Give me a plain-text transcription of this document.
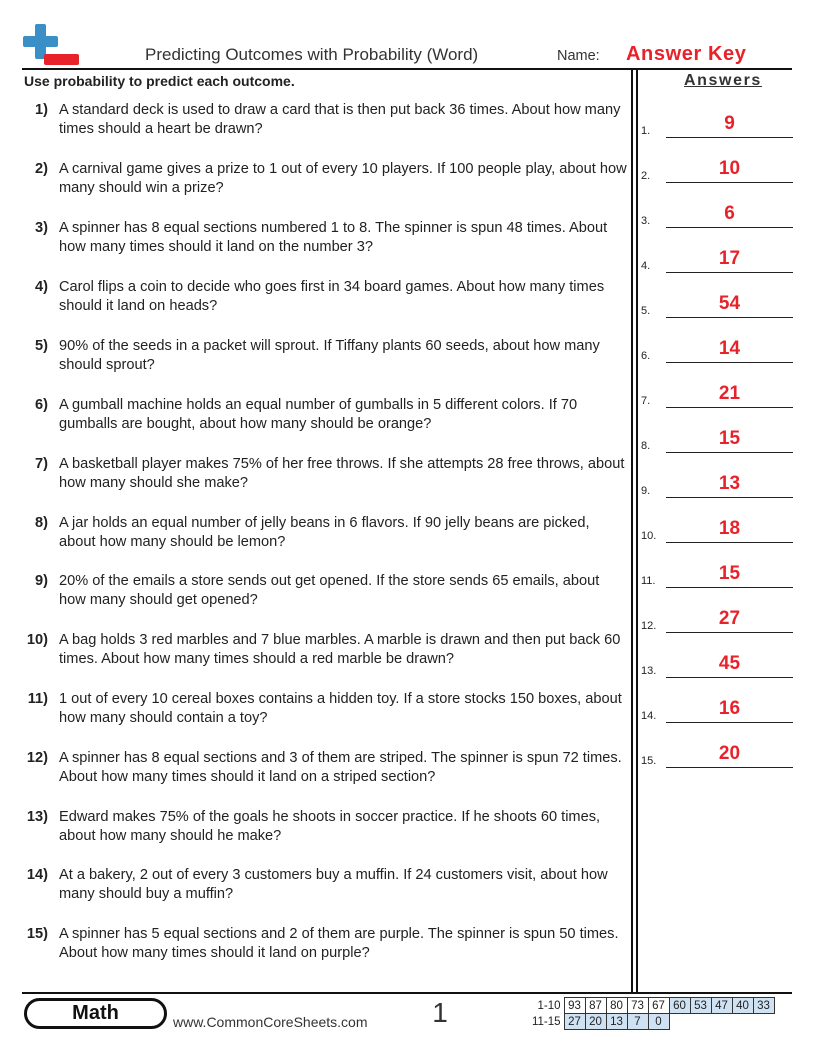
Predicting Outcomes with Probability (Word)	Name: Answer Key
Use probability to predict each outcome.	Answers
1) A standard deck is used to draw a card that is then put back 36 times. About how many times should a heart be drawn?
2) A carnival game gives a prize to 1 out of every 10 players. If 100 people play, about how many should win a prize?
3) A spinner has 8 equal sections numbered 1 to 8. The spinner is spun 48 times. About how many times should it land on the number 3?
4) Carol flips a coin to decide who goes first in 34 board games. About how many times should it land on heads?
5) 90% of the seeds in a packet will sprout. If Tiffany plants 60 seeds, about how many should sprout?
6) A gumball machine holds an equal number of gumballs in 5 different colors. If 70 gumballs are bought, about how many should be orange?
7) A basketball player makes 75% of her free throws. If she attempts 28 free throws, about how many should she make?
8) A jar holds an equal number of jelly beans in 6 flavors. If 90 jelly beans are picked, about how many should be lemon?
9) 20% of the emails a store sends out get opened. If the store sends 65 emails, about how many should get opened?
10) A bag holds 3 red marbles and 7 blue marbles. A marble is drawn and then put back 60 times. About how many times should a red marble be drawn?
11) 1 out of every 10 cereal boxes contains a hidden toy. If a store stocks 150 boxes, about how many should contain a toy?
12) A spinner has 8 equal sections and 3 of them are striped. The spinner is spun 72 times. About how many times should it land on a striped section?
13) Edward makes 75% of the goals he shoots in soccer practice. If he shoots 60 times, about how many should he make?
14) At a bakery, 2 out of every 3 customers buy a muffin. If 24 customers visit, about how many should buy a muffin?
15) A spinner has 5 equal sections and 2 of them are purple. The spinner is spun 50 times. About how many times should it land on purple?
1.	9
2.	10
3.	6
4.	17
5.	54
6.	14
7.	21
8.	15
9.	13
10.	18
11.	15
12.	27
13.	45
14.	16
15.	20
Math	www.CommonCoreSheets.com 1	1-10	93	87	80	73	67	60	53	47	40	33
11-15	27	20	13	7	0					
